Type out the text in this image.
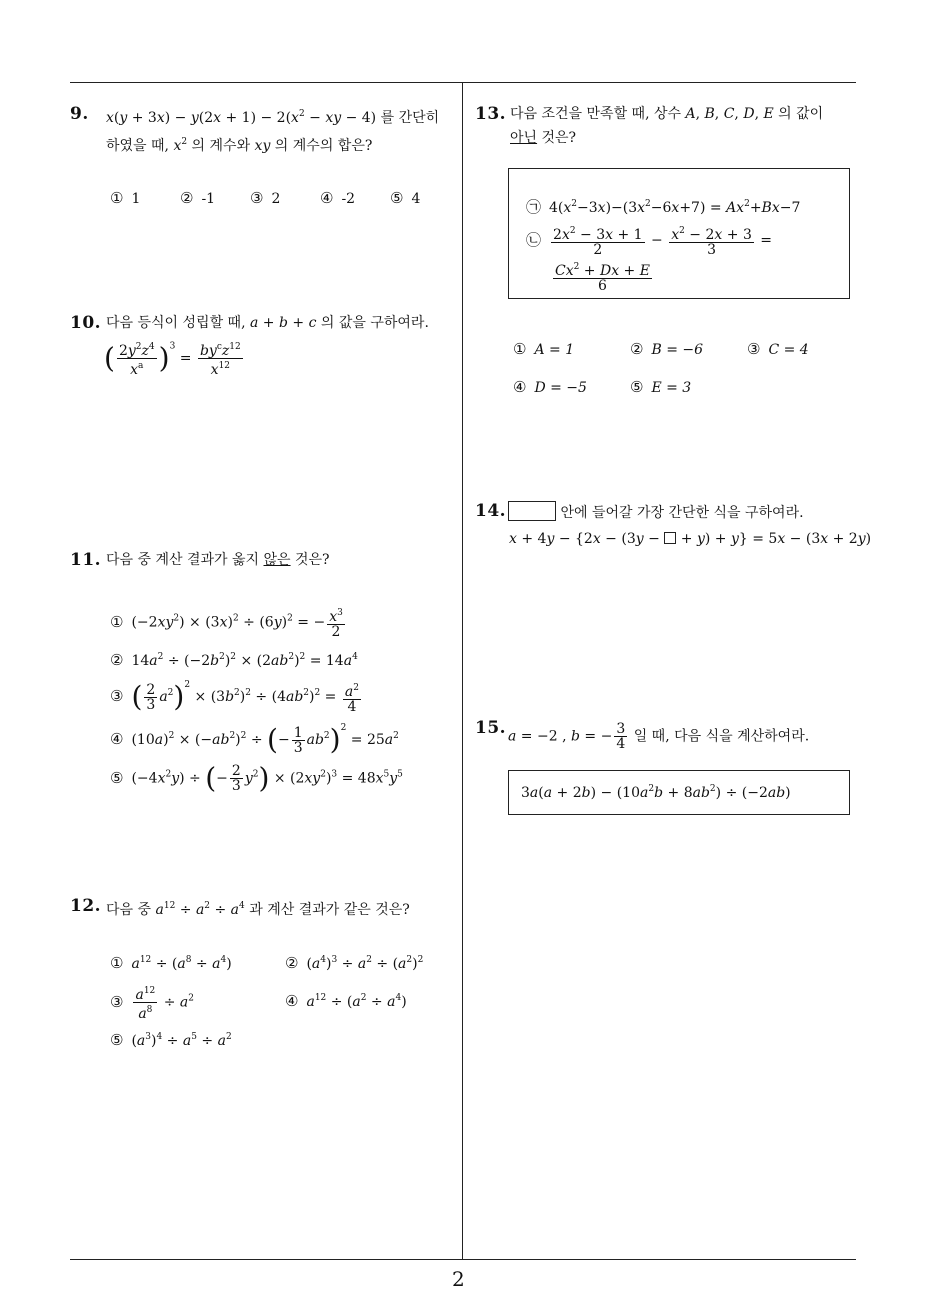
9. $x(y + 3x) - y(2x + 1) - 2(x^2$ − xy − 4) 를 간단히
하였을 때, $x^2$ 의 계수와 xy 의 계수의 합은?
① 1	② -1 ③ 2	④ -2 ⑤ 4
10. 다음 등식이 성립할 때, a + b + c 의 값을 구하여라.
( $\frac{2y^2z^4}{x^a} )^3 = \frac{by^cz^{12}}{x^{12}}$
11. 다음 중 계산 결과가 옳지 않은 것은?
① $(-2xy^2) \times (3x)^2 \div (6y)^2$ = − $\frac{x^3}{2}$
② $14a^2 \div (-2b^2)^2 \times (2ab^2)^2 = 14a^4$
③ ( $\frac{2}{3} a^2)^2 \times (3b^2)^2 \div (4ab^2)^2 = \frac{a^2}{4}$
④ $(10a)^2 \times (-ab^2)^2$ ÷ (− $\frac{1}{3} ab^2)^2 = 25a^2$
⑤ $(-4x^2y)$ ÷ (− $\frac{2}{3} y^2) \times (2xy^2)^3 = 48x^5y^5$
12. 다음 중 $a^{12} \div a^2 \div a^4$ 과 계산 결과가 같은 것은?
① $a^{12} \div (a^8 \div a^4)$	② $(a^4)^3 \div a^2 \div (a^2)^2$
③ $\frac{a^{12}}{a^8} \div a^2$	④ $a^{12} \div (a^2 \div a^4)$
⑤ $(a^3)^4 \div a^5 \div a^2$
13. 다음 조건을 만족할 때, 상수 A, B, C, D, E 의 값이
아닌 것은?
㉠ $4(x^2-3x)-(3x^2-6x+7) = Ax^2+Bx-7$
㉡ $\frac{2x^2 - 3x + 1}{2} - \frac{x^2 - 2x + 3}{3}$ =
$\frac{Cx^2 + Dx + E}{6}$
① A = 1	② B = −6	③ C = 4
④ D = −5	⑤ E = 3
14.	안에 들어갈 가장 간단한 식을 구하여라.
x + 4y − {2x − (3y −  + y) + y} = 5x − (3x + 2y)
15. a = −2 , b = − $\frac{3}{4}$ 일 때, 다음 식을 계산하여라.
$3a(a + 2b) - (10a^2b + 8ab^2) \div (-2ab)$
2
